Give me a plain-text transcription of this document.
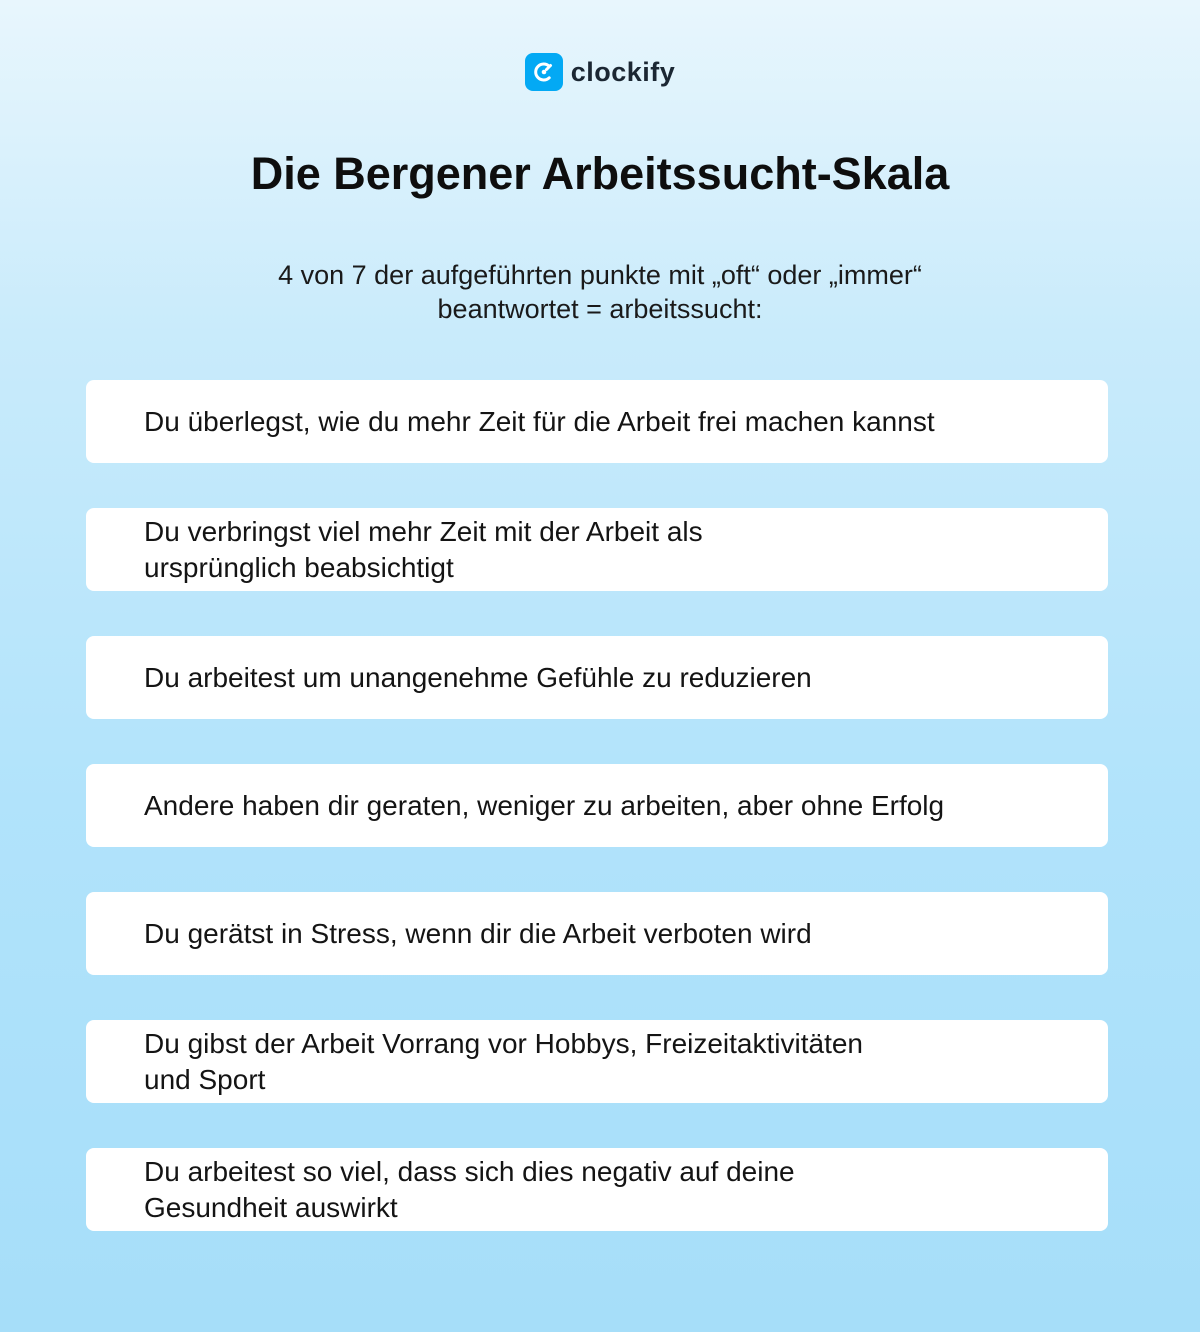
clockify
Die Bergener Arbeitssucht-Skala
4 von 7 der aufgeführten punkte mit „oft“ oder „immer“
beantwortet = arbeitssucht:
Du überlegst, wie du mehr Zeit für die Arbeit frei machen kannst
Du verbringst viel mehr Zeit mit der Arbeit als
ursprünglich beabsichtigt
Du arbeitest um unangenehme Gefühle zu reduzieren
Andere haben dir geraten, weniger zu arbeiten, aber ohne Erfolg
Du gerätst in Stress, wenn dir die Arbeit verboten wird
Du gibst der Arbeit Vorrang vor Hobbys, Freizeitaktivitäten
und Sport
Du arbeitest so viel, dass sich dies negativ auf deine
Gesundheit auswirkt
